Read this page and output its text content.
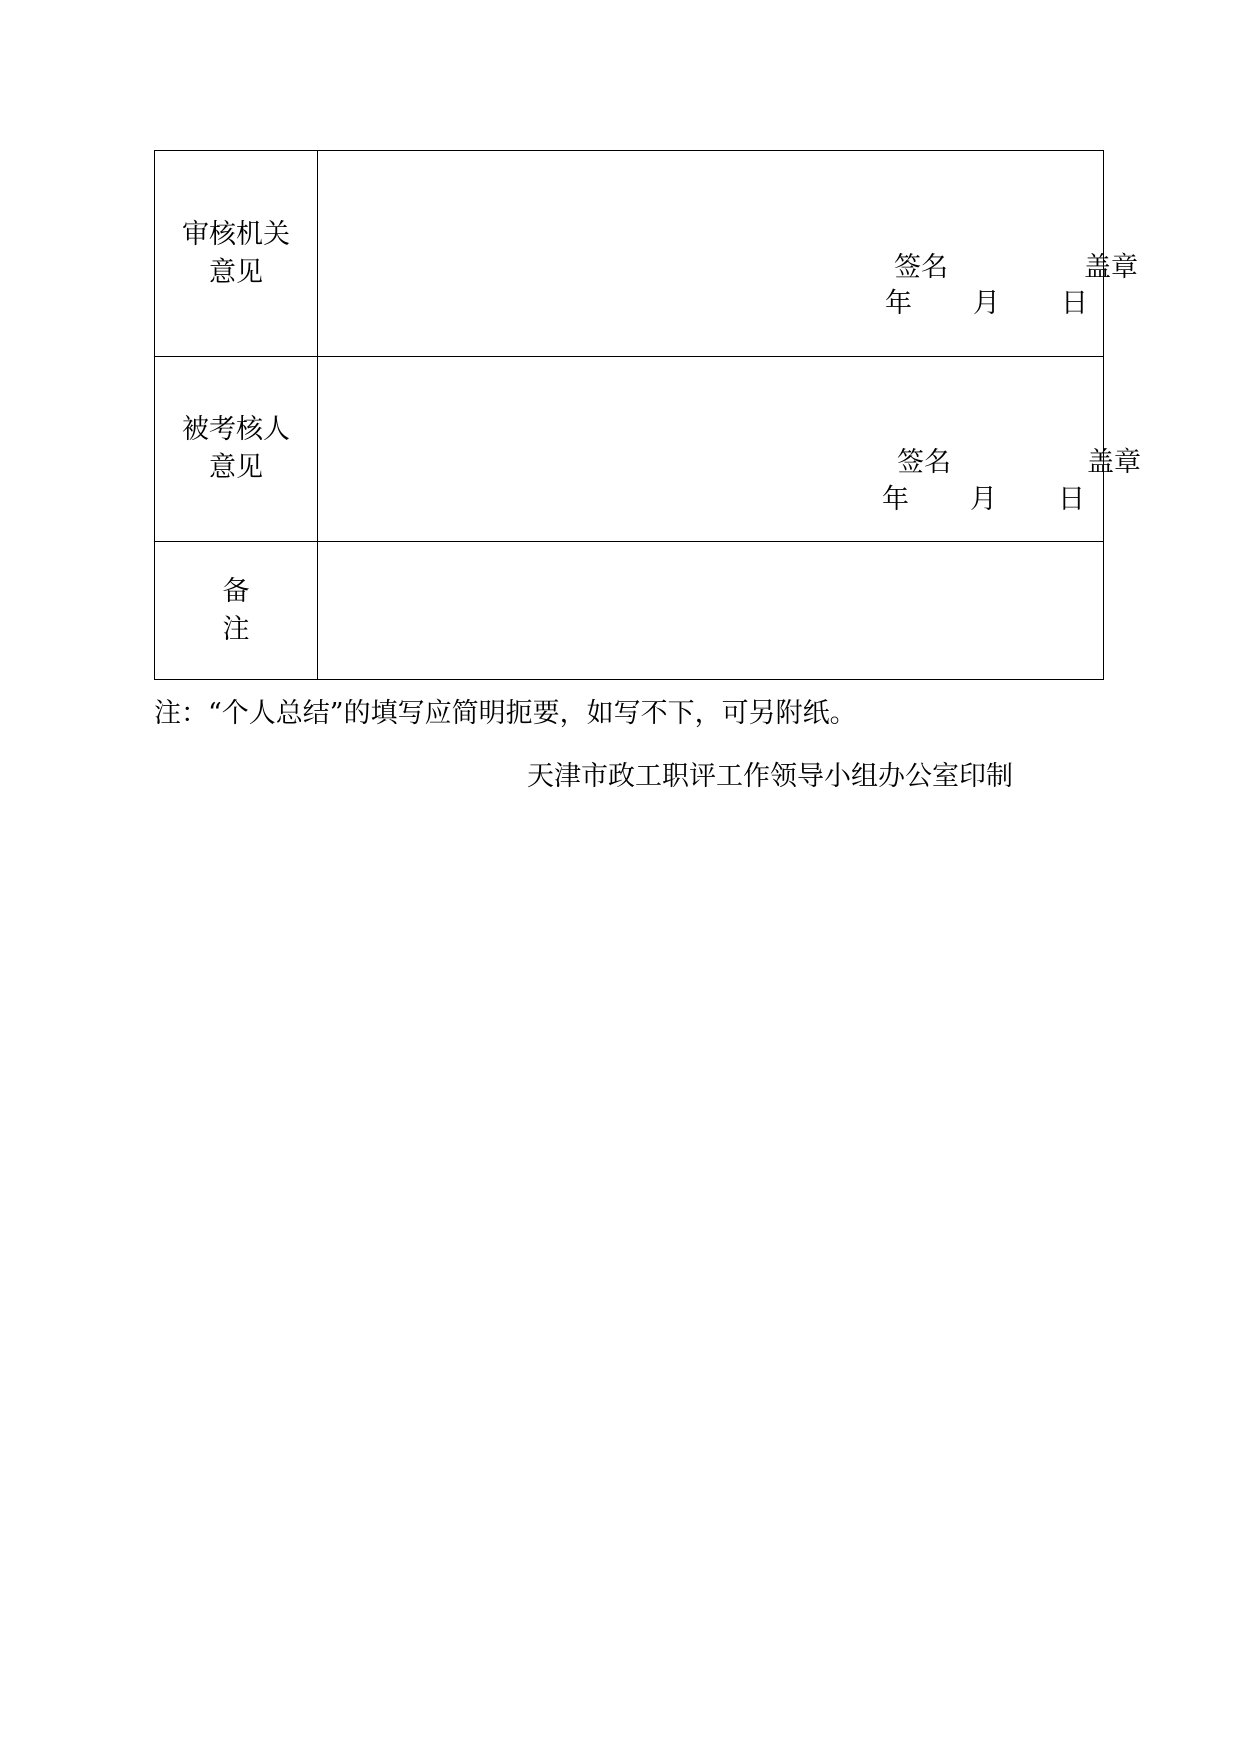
审核机关
意见	签名 盖章
年 月 日

被考核人
意见	签名 盖章
年 月 日

备
注	

注：“个人总结”的填写应简明扼要，如写不下，可另附纸。
天津市政工职评工作领导小组办公室印制
